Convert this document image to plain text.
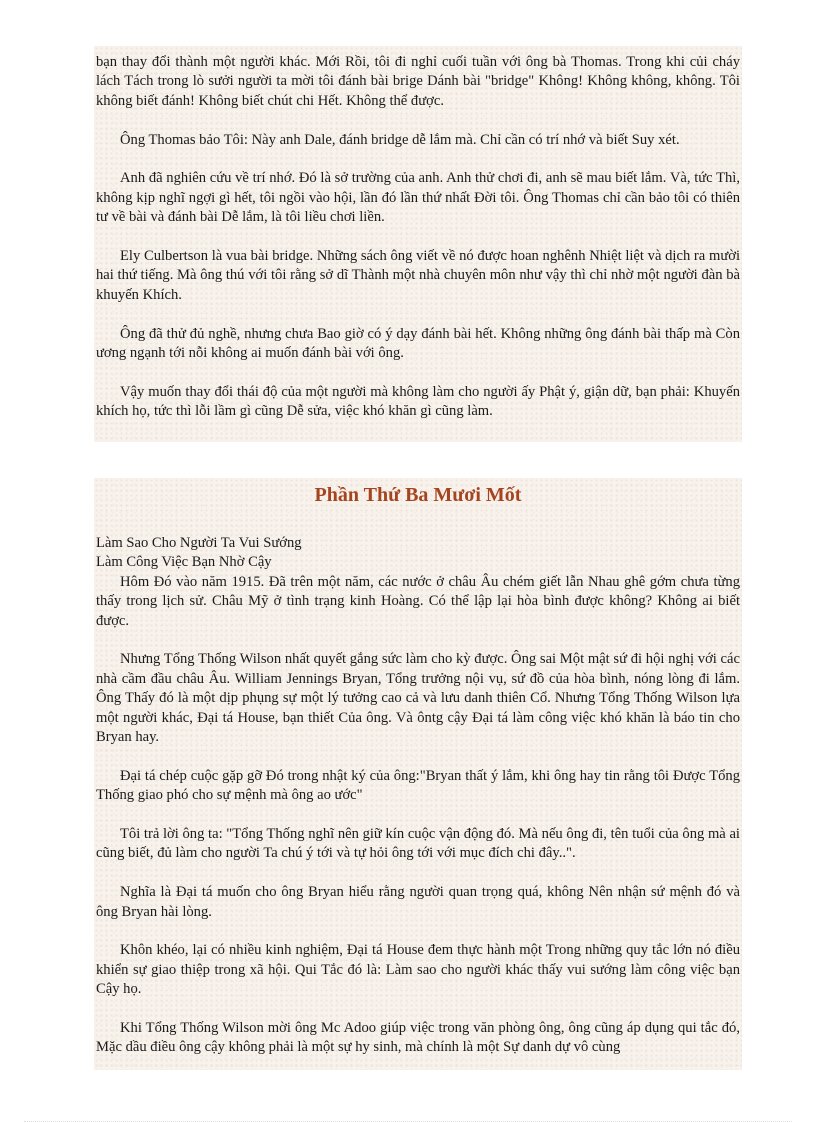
bạn thay đổi thành một người khác. Mới Rồi, tôi đi nghỉ cuối tuần với ông bà Thomas. Trong khi củi cháy lách Tách trong lò sưởi người ta mời tôi đánh bài brige Dánh bài "bridge" Không! Không không, không. Tôi không biết đánh! Không biết chút chi Hết. Không thể được.

Ông Thomas bảo Tôi: Này anh Dale, đánh bridge dễ lắm mà. Chỉ cần có trí nhớ và biết Suy xét.

Anh đã nghiên cứu về trí nhớ. Đó là sở trường của anh. Anh thử chơi đi, anh sẽ mau biết lắm. Và, tức Thì, không kịp nghĩ ngợi gì hết, tôi ngồi vào hội, lần đó lần thứ nhất Đời tôi. Ông Thomas chỉ cần bảo tôi có thiên tư về bài và đánh bài Dễ lắm, là tôi liều chơi liền.

Ely Culbertson là vua bài bridge. Những sách ông viết về nó được hoan nghênh Nhiệt liệt và dịch ra mười hai thứ tiếng. Mà ông thú với tôi rằng sở dĩ Thành một nhà chuyên môn như vậy thì chỉ nhờ một người đàn bà khuyến Khích.

Ông đã thử đủ nghề, nhưng chưa Bao giờ có ý dạy đánh bài hết. Không những ông đánh bài thấp mà Còn ương ngạnh tới nỗi không ai muốn đánh bài với ông.

Vậy muốn thay đổi thái độ của một người mà không làm cho người ấy Phật ý, giận dữ, bạn phải: Khuyến khích họ, tức thì lỗi lầm gì cũng Dễ sửa, việc khó khăn gì cũng làm.

Phần Thứ Ba Mươi Mốt

Làm Sao Cho Người Ta Vui Sướng

Làm Công Việc Bạn Nhờ Cậy

Hôm Đó vào năm 1915. Đã trên một năm, các nước ở châu Âu chém giết lẫn Nhau ghê gớm chưa từng thấy trong lịch sử. Châu Mỹ ở tình trạng kinh Hoàng. Có thể lập lại hòa bình được không? Không ai biết được.

Nhưng Tổng Thống Wilson nhất quyết gắng sức làm cho kỳ được. Ông sai Một mật sứ đi hội nghị với các nhà cầm đầu châu Âu. William Jennings Bryan, Tổng trưởng nội vụ, sứ đồ của hòa bình, nóng lòng đi lắm. Ông Thấy đó là một dịp phụng sự một lý tưởng cao cả và lưu danh thiên Cổ. Nhưng Tổng Thống Wilson lựa một người khác, Đại tá House, bạn thiết Của ông. Và ôntg cậy Đại tá làm công việc khó khăn là báo tin cho Bryan hay.

Đại tá chép cuộc gặp gỡ Đó trong nhật ký của ông:"Bryan thất ý lắm, khi ông hay tin rằng tôi Được Tổng Thống giao phó cho sự mệnh mà ông ao ước"

Tôi trả lời ông ta: "Tổng Thống nghĩ nên giữ kín cuộc vận động đó. Mà nếu ông đi, tên tuổi của ông mà ai cũng biết, đủ làm cho người Ta chú ý tới và tự hỏi ông tới với mục đích chi đây..".

Nghĩa là Đại tá muốn cho ông Bryan hiểu rằng người quan trọng quá, không Nên nhận sứ mệnh đó và ông Bryan hài lòng.

Khôn khéo, lại có nhiều kinh nghiệm, Đại tá House đem thực hành một Trong những quy tắc lớn nó điều khiển sự giao thiệp trong xã hội. Qui Tắc đó là: Làm sao cho người khác thấy vui sướng làm công việc bạn Cậy họ.

Khi Tổng Thống Wilson mời ông Mc Adoo giúp việc trong văn phòng ông, ông cũng áp dụng qui tắc đó, Mặc dầu điều ông cậy không phải là một sự hy sinh, mà chính là một Sự danh dự vô cùng
